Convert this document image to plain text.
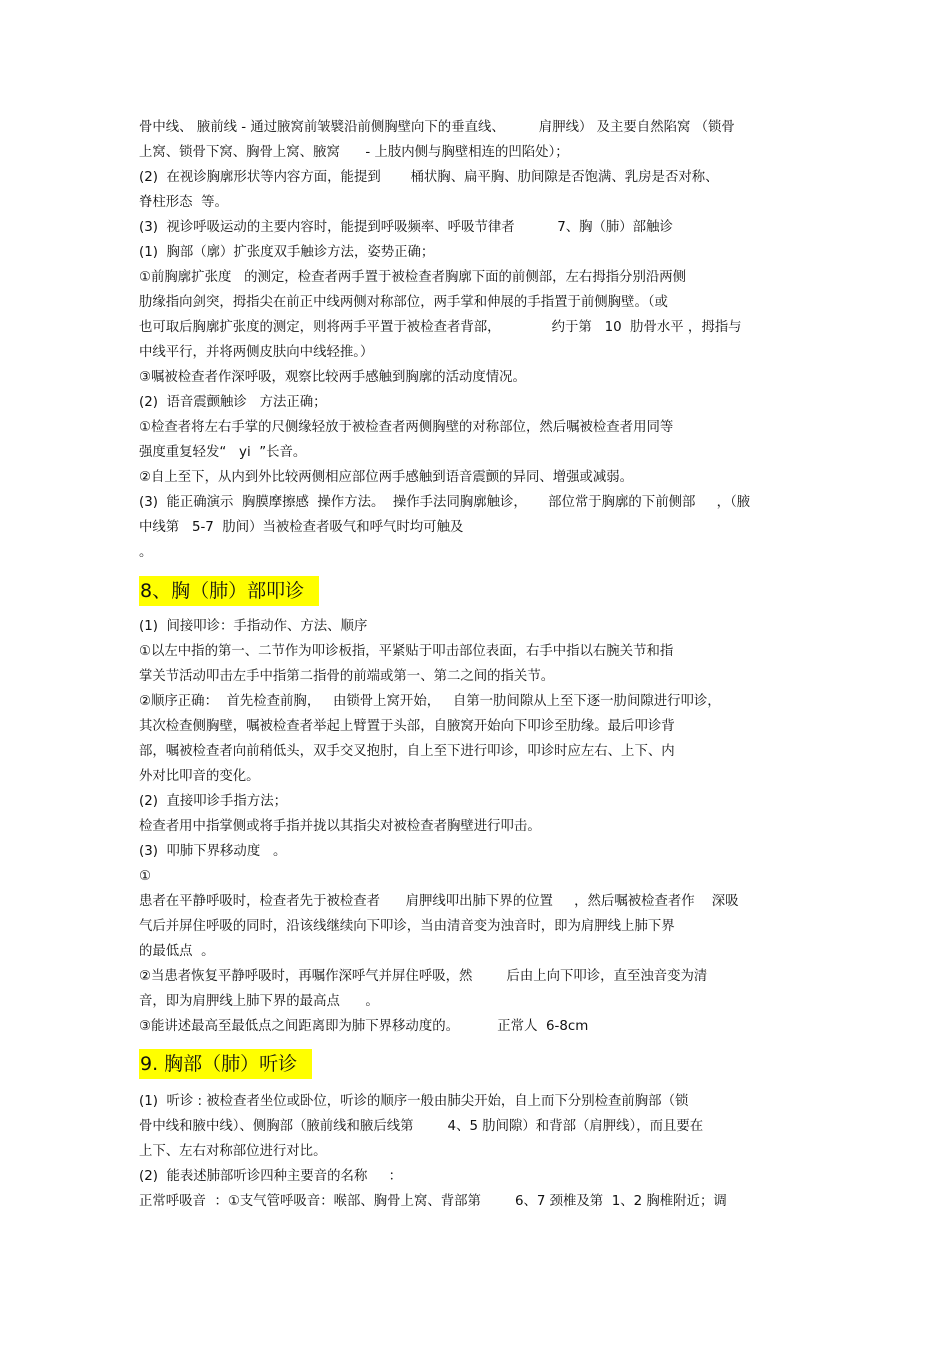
骨中线、 腋前线 - 通过腋窝前皱襞沿前侧胸壁向下的垂直线、        肩胛线） 及主要自然陷窝 （锁骨

上窝、锁骨下窝、胸骨上窝、腋窝      - 上肢内侧与胸壁相连的凹陷处）；

(2)  在视诊胸廓形状等内容方面，能提到       桶状胸、扁平胸、肋间隙是否饱满、乳房是否对称、

脊柱形态  等。

(3)  视诊呼吸运动的主要内容时，能提到呼吸频率、呼吸节律者          7、胸（肺）部触诊

(1)  胸部（廓）扩张度双手触诊方法，姿势正确；

①前胸廓扩张度   的测定，检查者两手置于被检查者胸廓下面的前侧部，左右拇指分别沿两侧

肋缘指向剑突，拇指尖在前正中线两侧对称部位，两手掌和伸展的手指置于前侧胸壁。（或

也可取后胸廓扩张度的测定，则将两手平置于被检查者背部，            约于第   10  肋骨水平 ，拇指与

中线平行，并将两侧皮肤向中线轻推。）

③嘱被检查者作深呼吸，观察比较两手感触到胸廓的活动度情况。

(2)  语音震颤触诊   方法正确；

①检查者将左右手掌的尺侧缘轻放于被检查者两侧胸壁的对称部位，然后嘱被检查者用同等

强度重复轻发“   yi  ”长音。

②自上至下，从内到外比较两侧相应部位两手感触到语音震颤的异同、增强或减弱。

(3)  能正确演示  胸膜摩擦感  操作方法。  操作手法同胸廓触诊，     部位常于胸廓的下前侧部     ，（腋

中线第   5-7  肋间）当被检查者吸气和呼气时均可触及

。

8、胸（肺）部叩诊

(1)  间接叩诊：手指动作、方法、顺序

①以左中指的第一、二节作为叩诊板指，平紧贴于叩击部位表面，右手中指以右腕关节和指

掌关节活动叩击左手中指第二指骨的前端或第一、第二之间的指关节。

②顺序正确：  首先检查前胸，   由锁骨上窝开始，   自第一肋间隙从上至下逐一肋间隙进行叩诊，

其次检查侧胸壁，嘱被检查者举起上臂置于头部，自腋窝开始向下叩诊至肋缘。最后叩诊背

部，嘱被检查者向前稍低头，双手交叉抱肘，自上至下进行叩诊，叩诊时应左右、上下、内

外对比叩音的变化。

(2)  直接叩诊手指方法；

检查者用中指掌侧或将手指并拢以其指尖对被检查者胸壁进行叩击。

(3)  叩肺下界移动度   。

①

患者在平静呼吸时，检查者先于被检查者      肩胛线叩出肺下界的位置     ，然后嘱被检查者作    深吸

气后并屏住呼吸的同时，沿该线继续向下叩诊，当由清音变为浊音时，即为肩胛线上肺下界

的最低点  。

②当患者恢复平静呼吸时，再嘱作深呼气并屏住呼吸，然        后由上向下叩诊，直至浊音变为清

音，即为肩胛线上肺下界的最高点      。

③能讲述最高至最低点之间距离即为肺下界移动度的。         正常人  6-8cm

9. 胸部（肺）听诊

(1)  听诊 : 被检查者坐位或卧位，听诊的顺序一般由肺尖开始，自上而下分别检查前胸部（锁

骨中线和腋中线）、侧胸部（腋前线和腋后线第        4、5 肋间隙）和背部（肩胛线），而且要在

上下、左右对称部位进行对比。

(2)  能表述肺部听诊四种主要音的名称     ：

正常呼吸音  ：①支气管呼吸音：喉部、胸骨上窝、背部第        6、7 颈椎及第  1、2 胸椎附近；调
